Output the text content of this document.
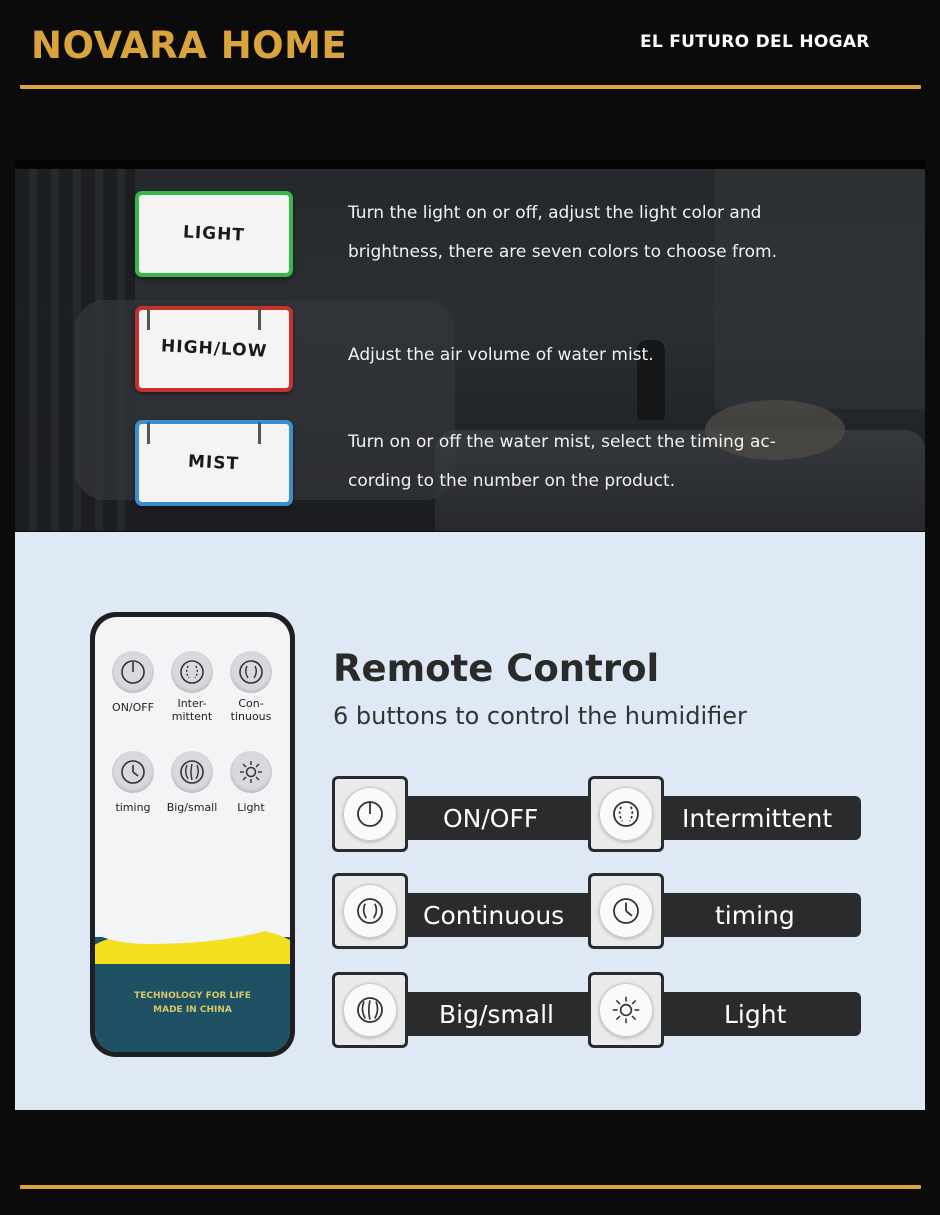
NOVARA HOME	EL FUTURO DEL HOGAR
LIGHT
Turn the light on or off, adjust the light color and
brightness, there are seven colors to choose from.
HIGH/LOW	Adjust the air volume of water mist.
MIST
Turn on or off the water mist, select the timing ac-
cording to the number on the product.
TECHNOLOGY FOR LIFE
MADE IN CHINA
ON/OFF	Inter-
mittent
Con-
tinuous
timing	Big/small	Light
Remote Control
6 buttons to control the humidifier
ON/OFF	Intermittent
Continuous	timing
Big/small	Light
